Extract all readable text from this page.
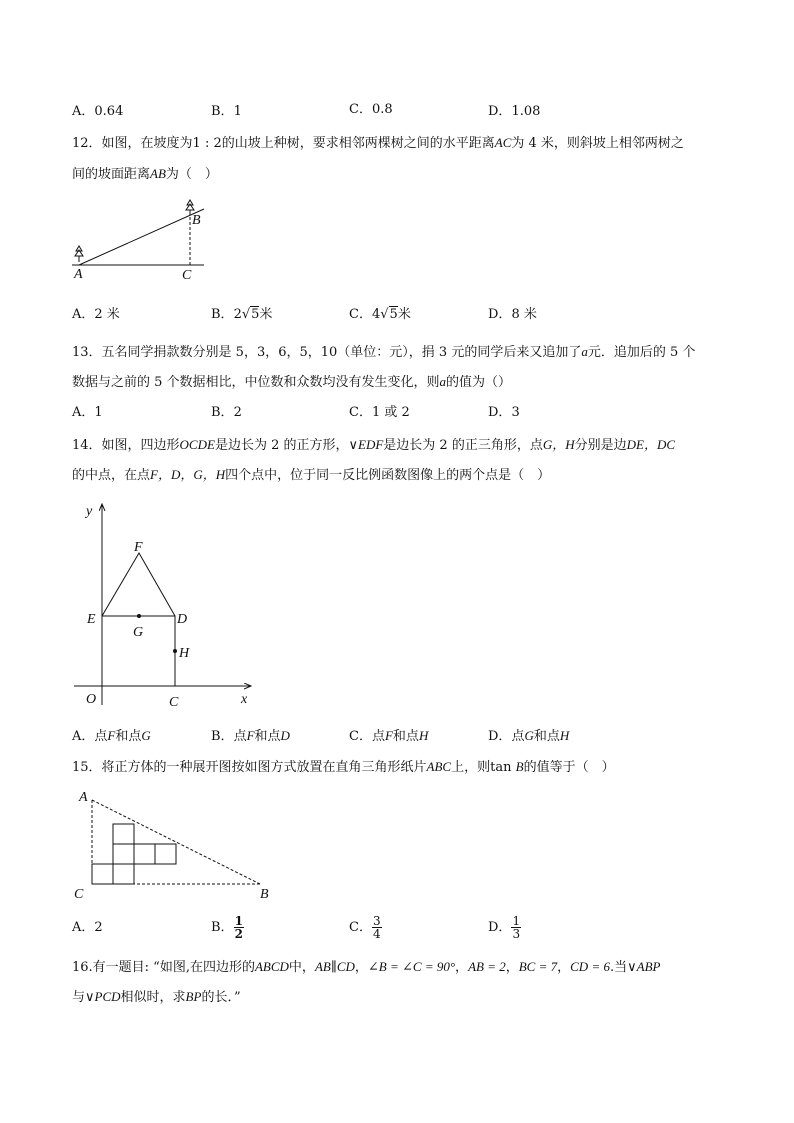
A．0.64	B．1	C．0.8	D．1.08
12．如图，在坡度为1 : 2的山坡上种树，要求相邻两棵树之间的水平距离AC为 4 米，则斜坡上相邻两树之
间的坡面距离AB为（　）
A
B
C
A．2 米	B．2√5米	C．4√5米	D．8 米
13．五名同学捐款数分别是 5，3，6，5，10（单位：元），捐 3 元的同学后来又追加了a元．追加后的 5 个
数据与之前的 5 个数据相比，中位数和众数均没有发生变化，则a的值为（）
A．1	B．2	C．1 或 2	D．3
14．如图，四边形OCDE是边长为 2 的正方形，∨EDF是边长为 2 的正三角形，点G，H分别是边DE，DC
的中点，在点F，D，G，H四个点中，位于同一反比例函数图像上的两个点是（　）
y
x
O	C
D
E
F
G
H
A．点F和点G	B．点F和点D	C．点F和点H	D．点G和点H
15．将正方体的一种展开图按如图方式放置在直角三角形纸片ABC上，则tan B的值等于（　）
A
C	B
A．2	B． $\frac{1}{2}$	C． $\frac{3}{4}$	D． $\frac{1}{3}$
16.有一题目: “如图,在四边形的ABCD中，AB∥CD，∠B = ∠C = 90°，AB = 2，BC = 7，CD = 6.当∨ABP
与∨PCD相似时，求BP的长．”
